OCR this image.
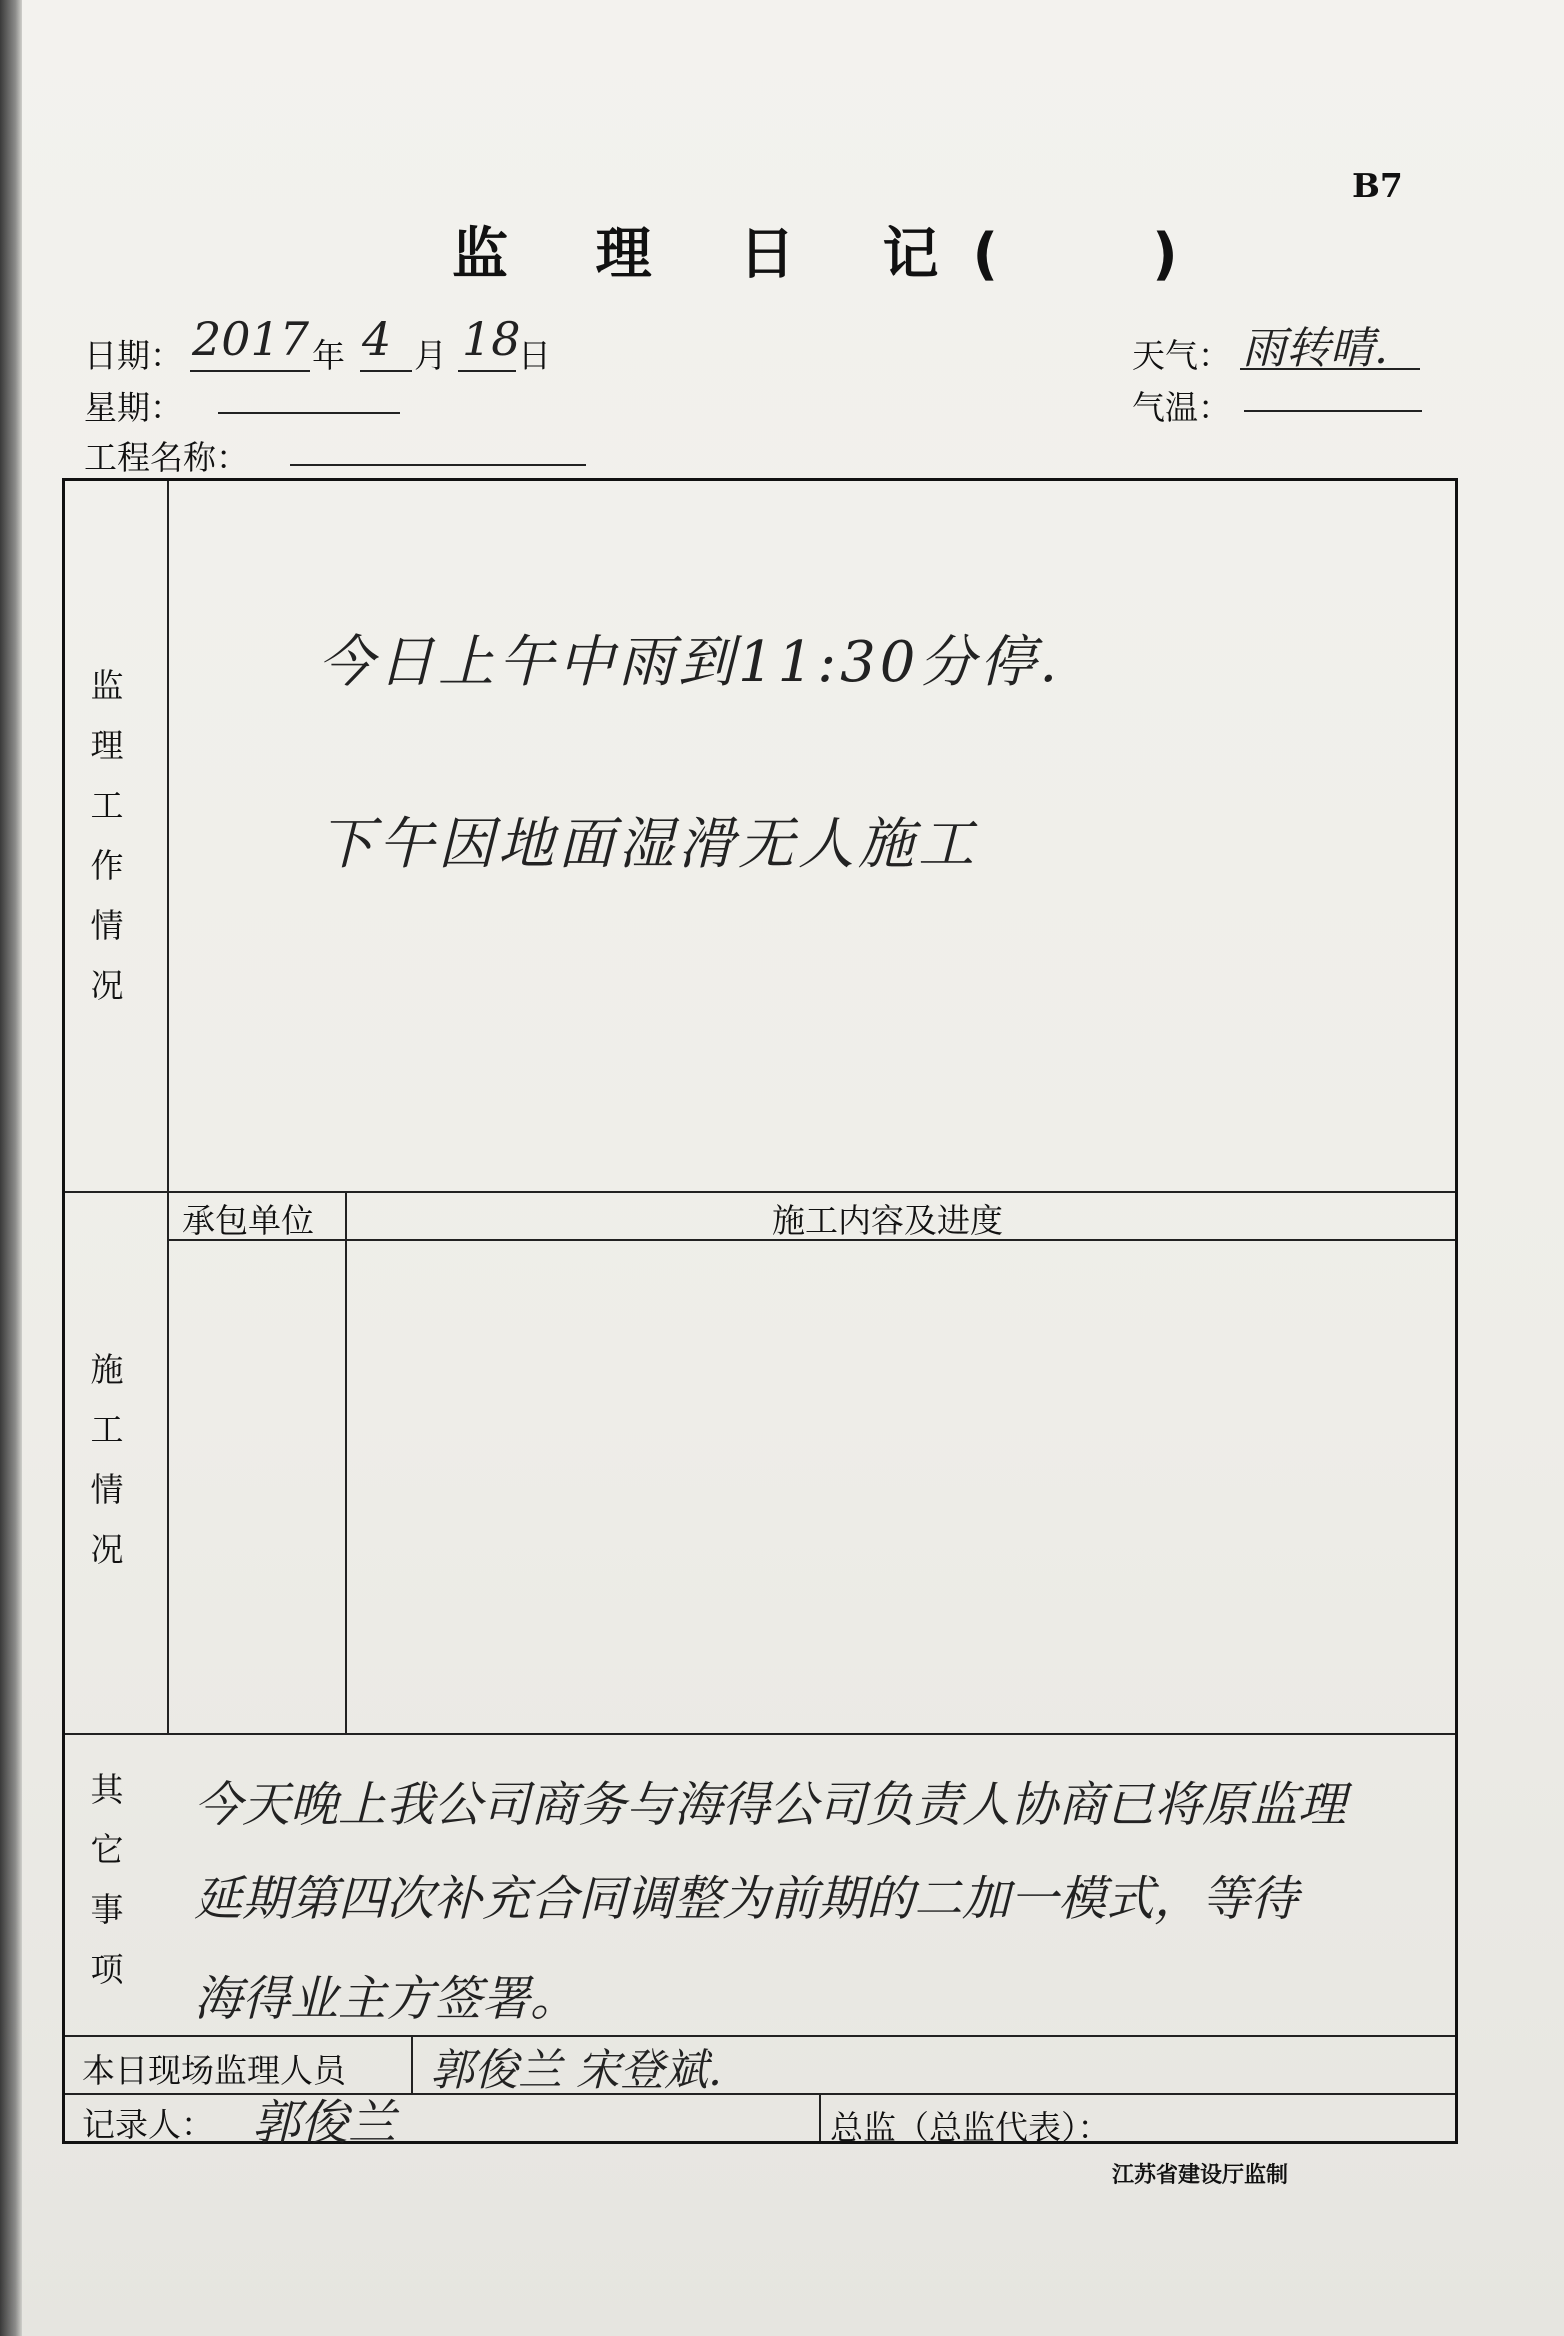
B7
监 理 日 记( )
日期： 2017 年 4 月 18
日	天气： 雨转晴.
星期：	气温：
工程名称：
监
理
工
作
情
况
今日上午中雨到11:30分停.
下午因地面湿滑无人施工
施
工
情
况
承包单位	施工内容及进度
其
它
事
项
今天晚上我公司商务与海得公司负责人协商已将原监理
延期第四次补充合同调整为前期的二加一模式，等待
海得业主方签署。
本日现场监理人员 郭俊兰 宋登斌.
记录人： 郭俊兰	总监（总监代表）：
江苏省建设厅监制
